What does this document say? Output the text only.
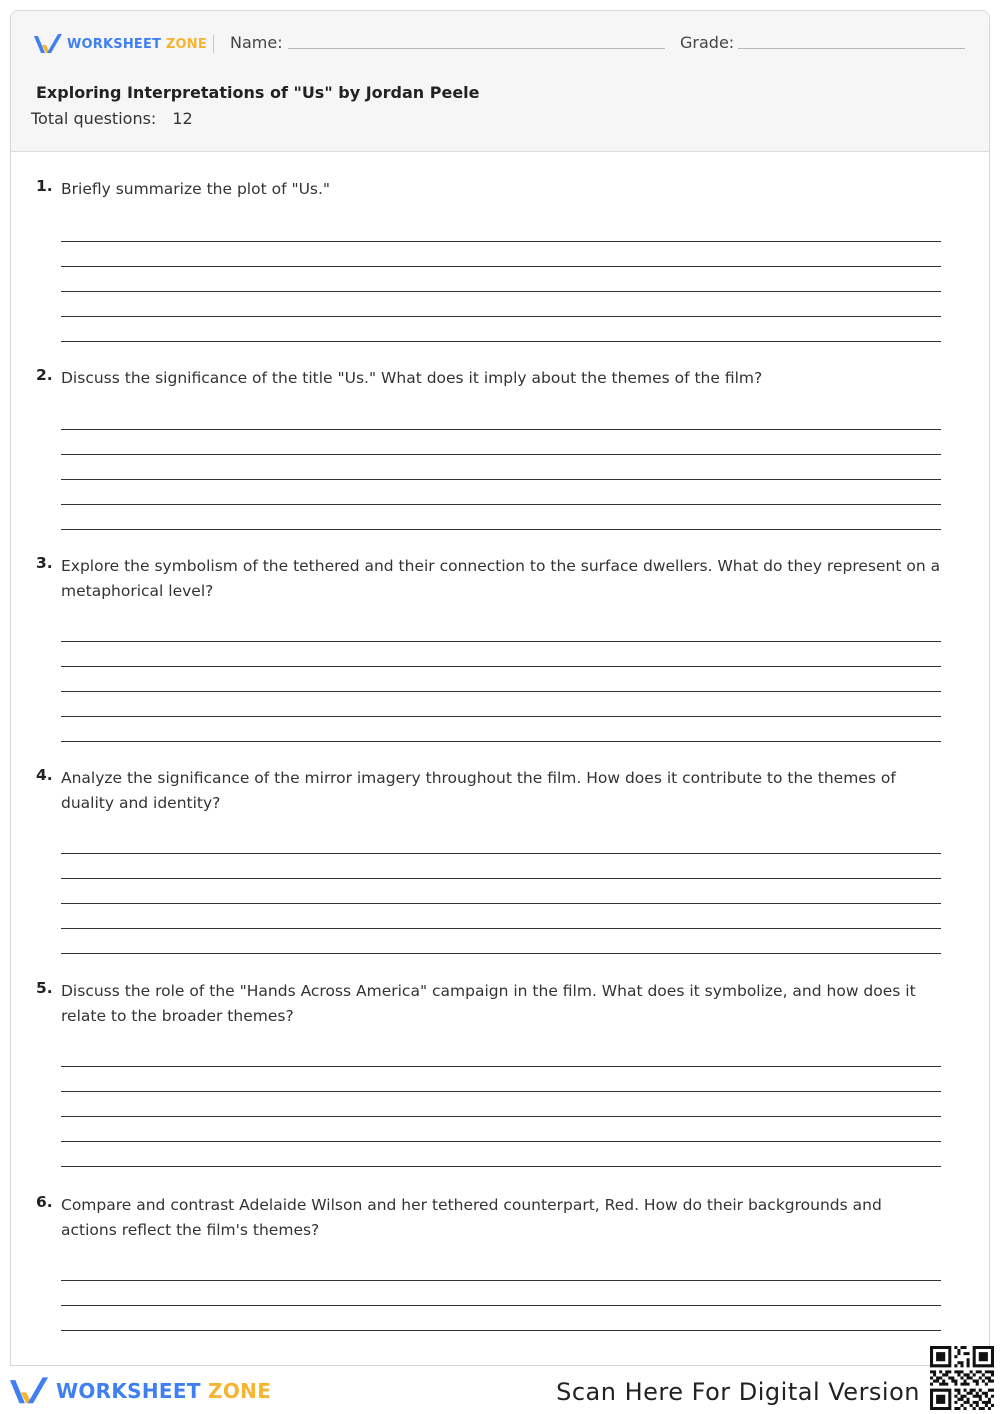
WORKSHEET ZONE Name:	Grade:
Exploring Interpretations of "Us" by Jordan Peele
Total questions: 12
1. Briefly summarize the plot of "Us."
2. Discuss the significance of the title "Us." What does it imply about the themes of the film?
3. Explore the symbolism of the tethered and their connection to the surface dwellers. What do they represent on a metaphorical level?
4. Analyze the significance of the mirror imagery throughout the film. How does it contribute to the themes of duality and identity?
5. Discuss the role of the "Hands Across America" campaign in the film. What does it symbolize, and how does it relate to the broader themes?
6. Compare and contrast Adelaide Wilson and her tethered counterpart, Red. How do their backgrounds and actions reflect the film's themes?
WORKSHEET ZONE	Scan Here For Digital Version
